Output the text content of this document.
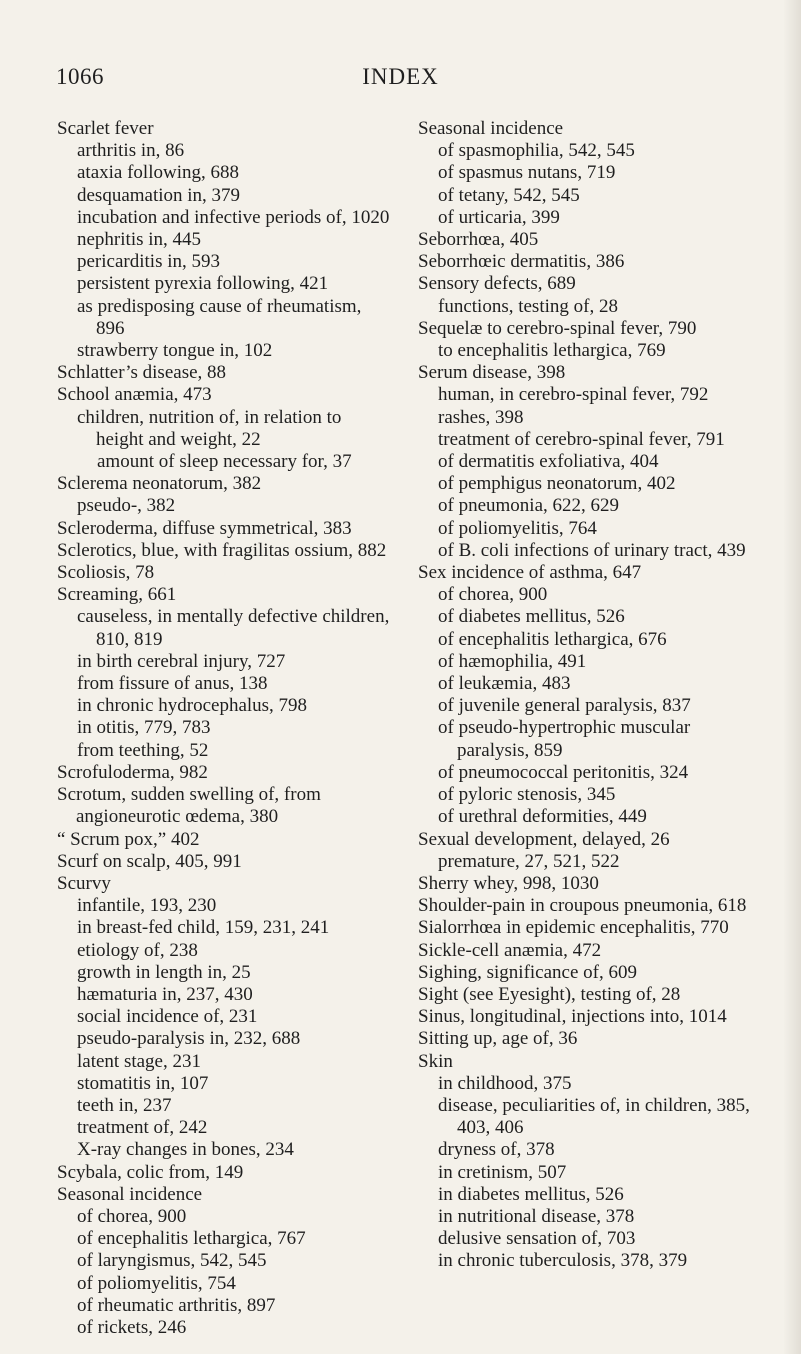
1066	INDEX

Scarlet fever

arthritis in, 86

ataxia following, 688

desquamation in, 379

incubation and infective periods of, 1020

nephritis in, 445

pericarditis in, 593

persistent pyrexia following, 421

as predisposing cause of rheumatism, 896

strawberry tongue in, 102

Schlatter’s disease, 88

School anæmia, 473

children, nutrition of, in relation to height and weight, 22

amount of sleep necessary for, 37

Sclerema neonatorum, 382

pseudo-, 382

Scleroderma, diffuse symmetrical, 383

Sclerotics, blue, with fragilitas ossium, 882

Scoliosis, 78

Screaming, 661

causeless, in mentally defective children, 810, 819

in birth cerebral injury, 727

from fissure of anus, 138

in chronic hydrocephalus, 798

in otitis, 779, 783

from teething, 52

Scrofuloderma, 982

Scrotum, sudden swelling of, from angioneurotic œdema, 380

“ Scrum pox,” 402

Scurf on scalp, 405, 991

Scurvy

infantile, 193, 230

in breast-fed child, 159, 231, 241

etiology of, 238

growth in length in, 25

hæmaturia in, 237, 430

social incidence of, 231

pseudo-paralysis in, 232, 688

latent stage, 231

stomatitis in, 107

teeth in, 237

treatment of, 242

X-ray changes in bones, 234

Scybala, colic from, 149

Seasonal incidence

of chorea, 900

of encephalitis lethargica, 767

of laryngismus, 542, 545

of poliomyelitis, 754

of rheumatic arthritis, 897

of rickets, 246

Seasonal incidence

of spasmophilia, 542, 545

of spasmus nutans, 719

of tetany, 542, 545

of urticaria, 399

Seborrhœa, 405

Seborrhœic dermatitis, 386

Sensory defects, 689

functions, testing of, 28

Sequelæ to cerebro-spinal fever, 790

to encephalitis lethargica, 769

Serum disease, 398

human, in cerebro-spinal fever, 792

rashes, 398

treatment of cerebro-spinal fever, 791

of dermatitis exfoliativa, 404

of pemphigus neonatorum, 402

of pneumonia, 622, 629

of poliomyelitis, 764

of B. coli infections of urinary tract, 439

Sex incidence of asthma, 647

of chorea, 900

of diabetes mellitus, 526

of encephalitis lethargica, 676

of hæmophilia, 491

of leukæmia, 483

of juvenile general paralysis, 837

of pseudo-hypertrophic muscular paralysis, 859

of pneumococcal peritonitis, 324

of pyloric stenosis, 345

of urethral deformities, 449

Sexual development, delayed, 26

premature, 27, 521, 522

Sherry whey, 998, 1030

Shoulder-pain in croupous pneumonia, 618

Sialorrhœa in epidemic encephalitis, 770

Sickle-cell anæmia, 472

Sighing, significance of, 609

Sight (see Eyesight), testing of, 28

Sinus, longitudinal, injections into, 1014

Sitting up, age of, 36

Skin

in childhood, 375

disease, peculiarities of, in children, 385, 403, 406

dryness of, 378

in cretinism, 507

in diabetes mellitus, 526

in nutritional disease, 378

delusive sensation of, 703

in chronic tuberculosis, 378, 379
